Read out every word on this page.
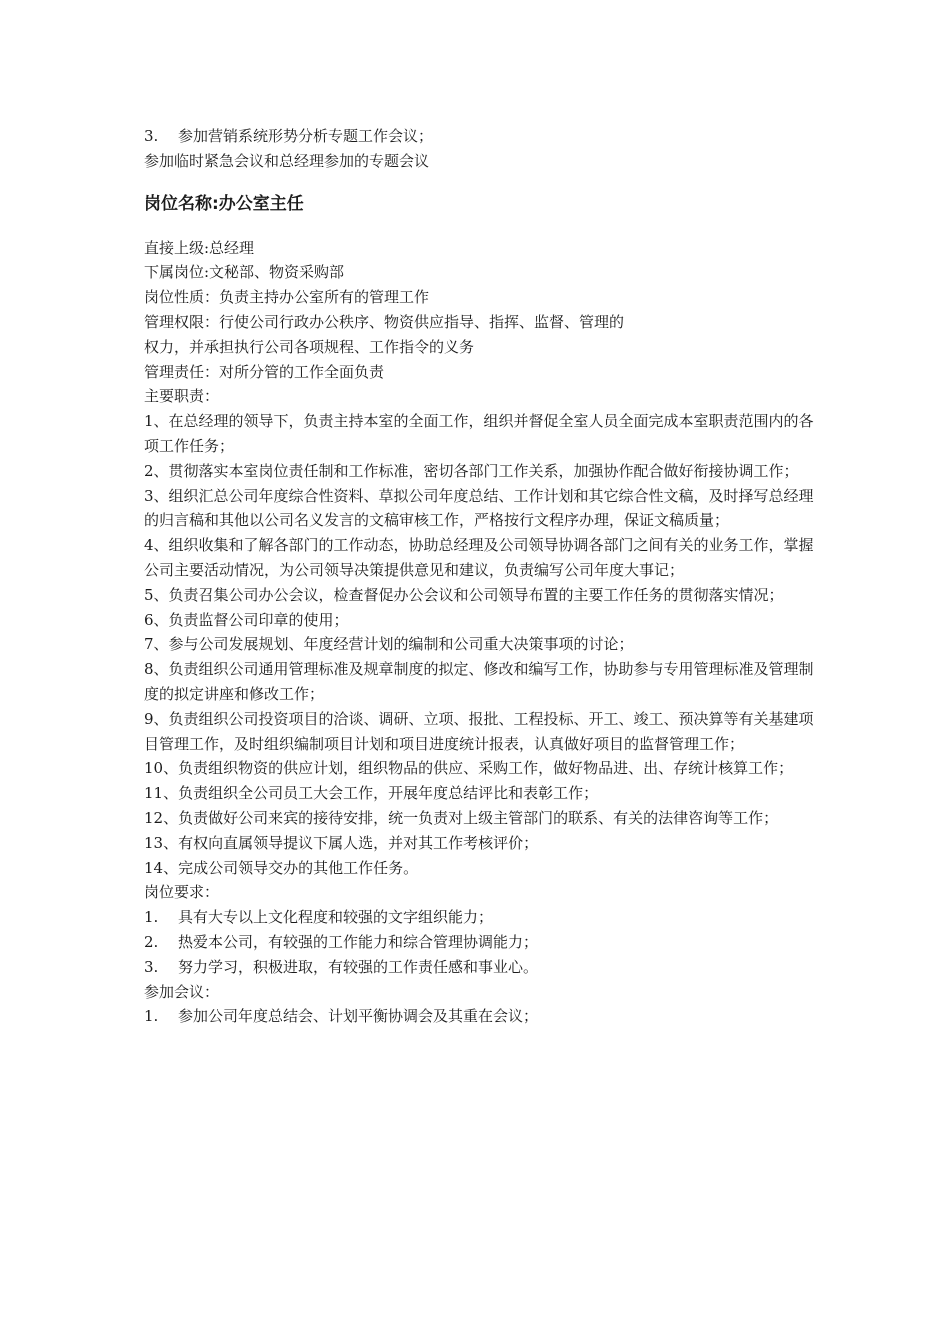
3.	参加营销系统形势分析专题工作会议；
参加临时紧急会议和总经理参加的专题会议
岗位名称:办公室主任
直接上级:总经理
下属岗位:文秘部、物资采购部
岗位性质：负责主持办公室所有的管理工作
管理权限：行使公司行政办公秩序、物资供应指导、指挥、监督、管理的
权力，并承担执行公司各项规程、工作指令的义务
管理责任：对所分管的工作全面负责
主要职责：

1、在总经理的领导下，负责主持本室的全面工作，组织并督促全室人员全面完成本室职责范围内的各项工作任务；

2、贯彻落实本室岗位责任制和工作标准，密切各部门工作关系，加强协作配合做好衔接协调工作；

3、组织汇总公司年度综合性资料、草拟公司年度总结、工作计划和其它综合性文稿，及时择写总经理的归言稿和其他以公司名义发言的文稿审核工作，严格按行文程序办理，保证文稿质量；

4、组织收集和了解各部门的工作动态，协助总经理及公司领导协调各部门之间有关的业务工作，掌握公司主要活动情况，为公司领导决策提供意见和建议，负责编写公司年度大事记；

5、负责召集公司办公会议，检查督促办公会议和公司领导布置的主要工作任务的贯彻落实情况；

6、负责监督公司印章的使用；

7、参与公司发展规划、年度经营计划的编制和公司重大决策事项的讨论；

8、负责组织公司通用管理标准及规章制度的拟定、修改和编写工作，协助参与专用管理标准及管理制度的拟定讲座和修改工作；

9、负责组织公司投资项目的洽谈、调研、立项、报批、工程投标、开工、竣工、预决算等有关基建项目管理工作，及时组织编制项目计划和项目进度统计报表，认真做好项目的监督管理工作；

10、负责组织物资的供应计划，组织物品的供应、采购工作，做好物品进、出、存统计核算工作；

11、负责组织全公司员工大会工作，开展年度总结评比和表彰工作；

12、负责做好公司来宾的接待安排，统一负责对上级主管部门的联系、有关的法律咨询等工作；

13、有权向直属领导提议下属人选，并对其工作考核评价；

14、完成公司领导交办的其他工作任务。

岗位要求：
1.	具有大专以上文化程度和较强的文字组织能力；
2.	热爱本公司，有较强的工作能力和综合管理协调能力；
3.	努力学习，积极进取，有较强的工作责任感和事业心。
参加会议：
1.	参加公司年度总结会、计划平衡协调会及其重在会议；
